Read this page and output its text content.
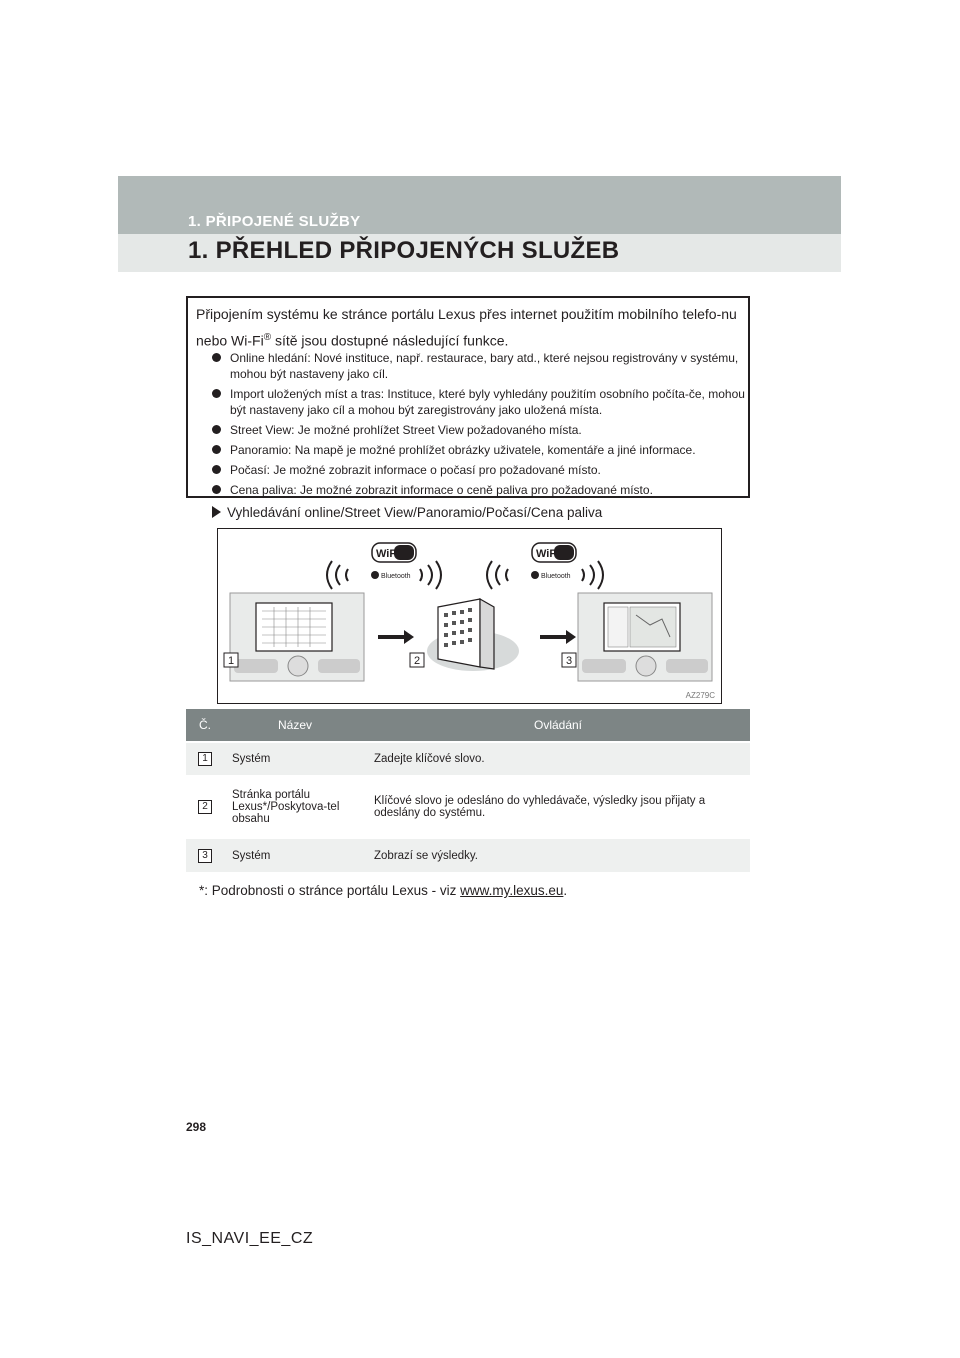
1. PŘIPOJENÉ SLUŽBY
1. PŘEHLED PŘIPOJENÝCH SLUŽEB
Připojením systému ke stránce portálu Lexus přes internet použitím mobilního telefo-nu nebo Wi-Fi® sítě jsou dostupné následující funkce.
Online hledání: Nové instituce, např. restaurace, bary atd., které nejsou registrovány v systému, mohou být nastaveny jako cíl.
Import uložených míst a tras: Instituce, které byly vyhledány použitím osobního počíta-če, mohou být nastaveny jako cíl a mohou být zaregistrovány jako uložená místa.
Street View: Je možné prohlížet Street View požadovaného místa.
Panoramio: Na mapě je možné prohlížet obrázky uživatele, komentáře a jiné informace.
Počasí: Je možné zobrazit informace o počasí pro požadované místo.
Cena paliva: Je možné zobrazit informace o ceně paliva pro požadované místo.
Vyhledávání online/Street View/Panoramio/Počasí/Cena paliva
WiFi	WiFi
Bluetooth	Bluetooth
1	2	3
AZ279C
Č.	Název	Ovládání
1	Systém	Zadejte klíčové slovo.
2	Stránka portálu Lexus*/Poskytova-tel obsahu	Klíčové slovo je odesláno do vyhledávače, výsledky jsou přijaty a odeslány do systému.
3	Systém	Zobrazí se výsledky.
*: Podrobnosti o stránce portálu Lexus - viz www.my.lexus.eu.
298
IS_NAVI_EE_CZ
